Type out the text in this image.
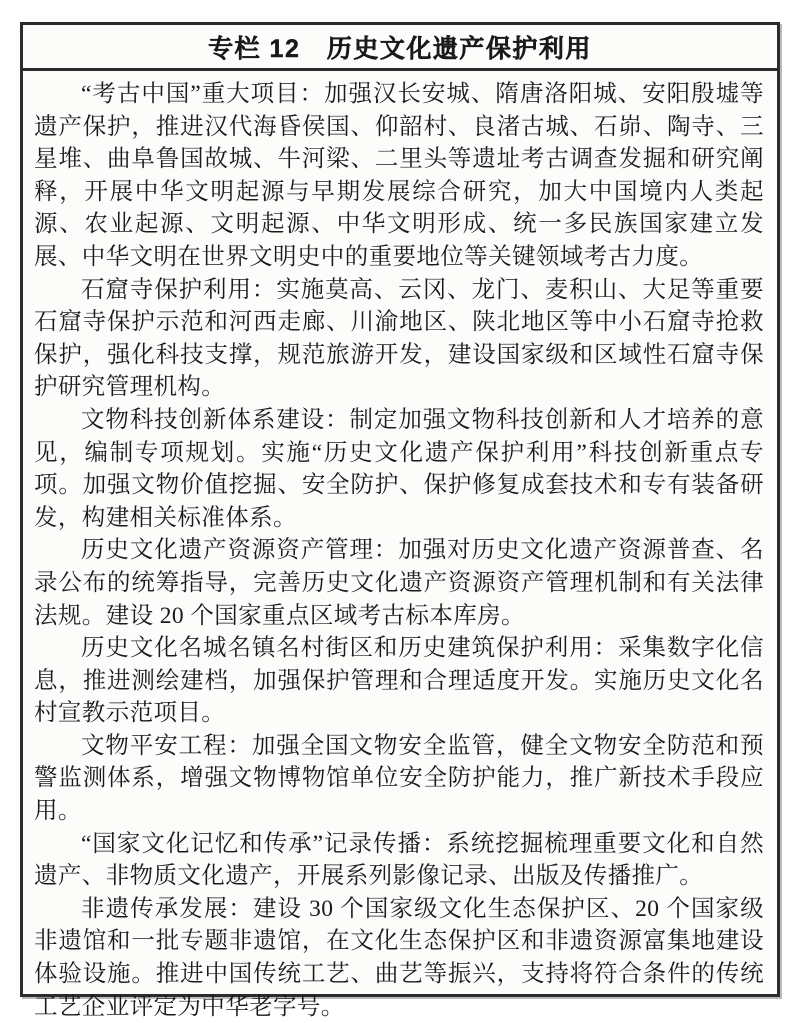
专栏 12　历史文化遗产保护利用

“考古中国”重大项目：加强汉长安城、隋唐洛阳城、安阳殷墟等遗产保护，推进汉代海昏侯国、仰韶村、良渚古城、石峁、陶寺、三星堆、曲阜鲁国故城、牛河梁、二里头等遗址考古调查发掘和研究阐释，开展中华文明起源与早期发展综合研究，加大中国境内人类起源、农业起源、文明起源、中华文明形成、统一多民族国家建立发展、中华文明在世界文明史中的重要地位等关键领域考古力度。

石窟寺保护利用：实施莫高、云冈、龙门、麦积山、大足等重要石窟寺保护示范和河西走廊、川渝地区、陕北地区等中小石窟寺抢救保护，强化科技支撑，规范旅游开发，建设国家级和区域性石窟寺保护研究管理机构。

文物科技创新体系建设：制定加强文物科技创新和人才培养的意见，编制专项规划。实施“历史文化遗产保护利用”科技创新重点专项。加强文物价值挖掘、安全防护、保护修复成套技术和专有装备研发，构建相关标准体系。

历史文化遗产资源资产管理：加强对历史文化遗产资源普查、名录公布的统筹指导，完善历史文化遗产资源资产管理机制和有关法律法规。建设 20 个国家重点区域考古标本库房。

历史文化名城名镇名村街区和历史建筑保护利用：采集数字化信息，推进测绘建档，加强保护管理和合理适度开发。实施历史文化名村宣教示范项目。

文物平安工程：加强全国文物安全监管，健全文物安全防范和预警监测体系，增强文物博物馆单位安全防护能力，推广新技术手段应用。

“国家文化记忆和传承”记录传播：系统挖掘梳理重要文化和自然遗产、非物质文化遗产，开展系列影像记录、出版及传播推广。

非遗传承发展：建设 30 个国家级文化生态保护区、20 个国家级非遗馆和一批专题非遗馆，在文化生态保护区和非遗资源富集地建设体验设施。推进中国传统工艺、曲艺等振兴，支持将符合条件的传统工艺企业评定为中华老字号。
